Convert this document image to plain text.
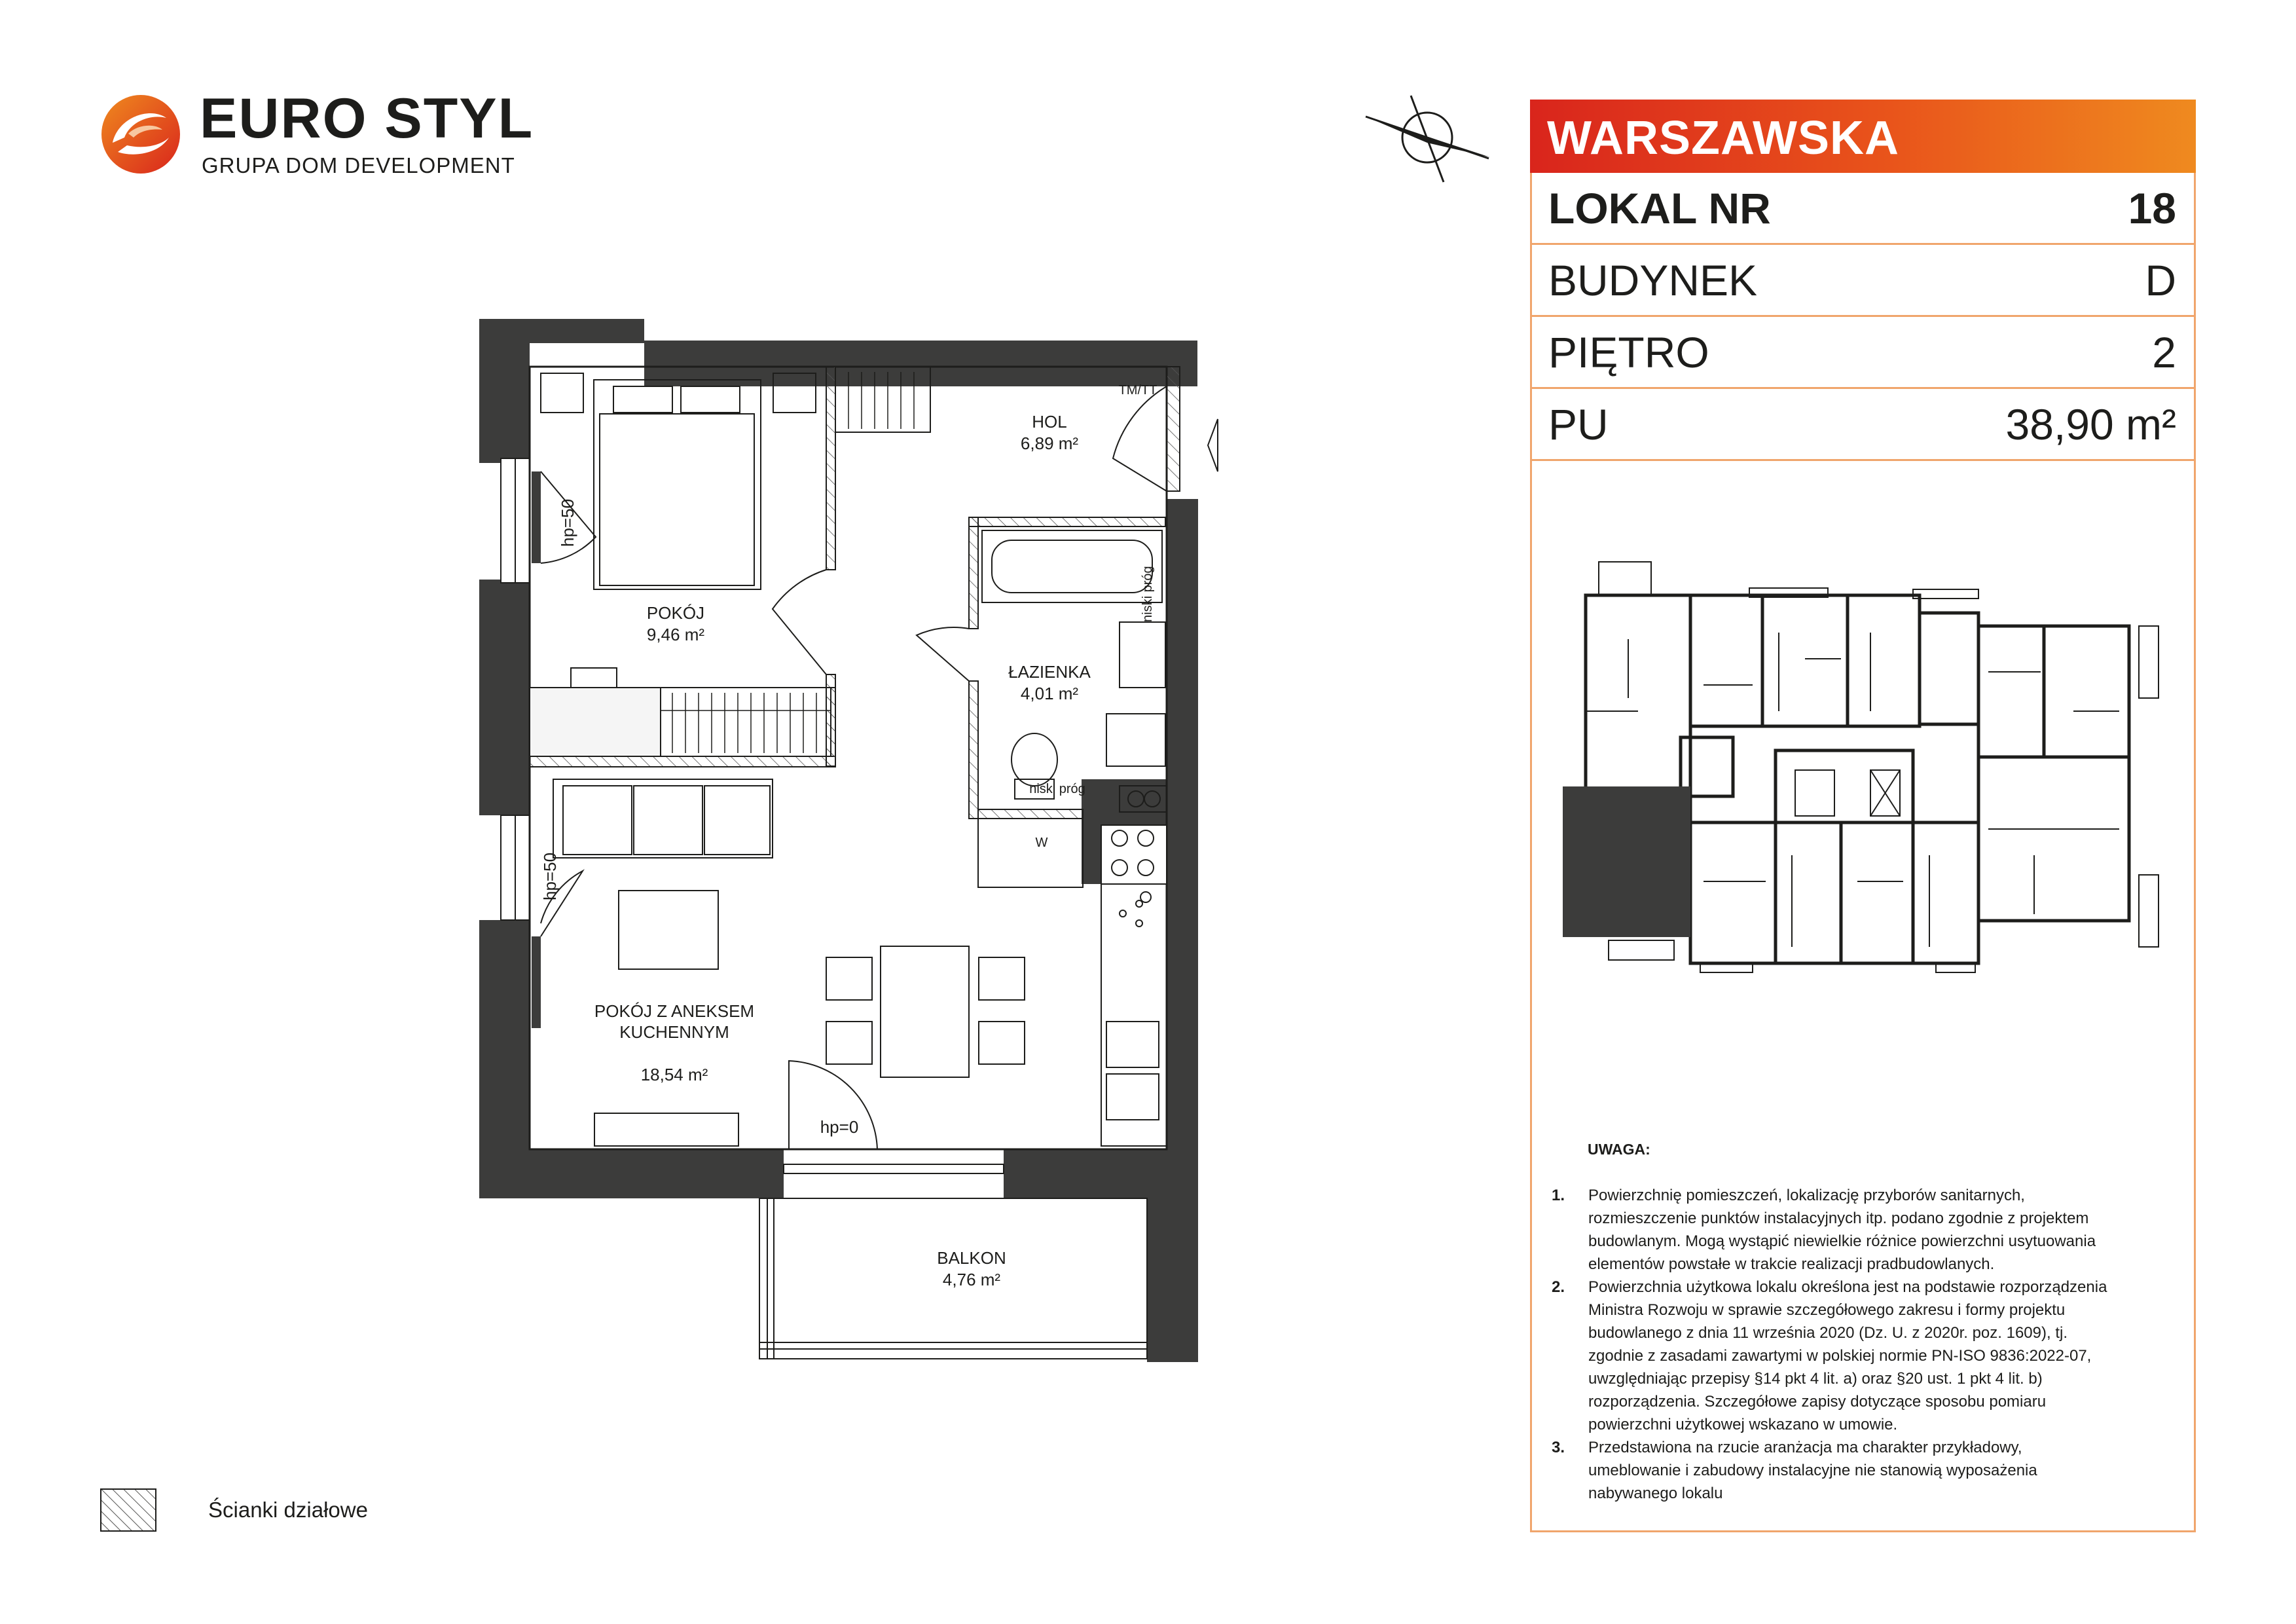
EURO STYL
GRUPA DOM DEVELOPMENT
WARSZAWSKA
LOKAL NR	18
BUDYNEK	D
PIĘTRO	2
PU	38,90 m²
UWAGA:
1.	Powierzchnię pomieszczeń, lokalizację przyborów sanitarnych,
rozmieszczenie punktów instalacyjnych itp. podano zgodnie z projektem
budowlanym. Mogą wystąpić niewielkie różnice powierzchni usytuowania
elementów powstałe w trakcie realizacji pradbudowlanych.
2.	Powierzchnia użytkowa lokalu określona jest na podstawie rozporządzenia
Ministra Rozwoju w sprawie szczegółowego zakresu i formy projektu
budowlanego z dnia 11 września 2020 (Dz. U. z 2020r. poz. 1609), tj.
zgodnie z zasadami zawartymi w polskiej normie PN-ISO 9836:2022-07,
uwzględniając przepisy §14 pkt 4 lit. a) oraz §20 ust. 1 pkt 4 lit. b)
rozporządzenia. Szczegółowe zapisy dotyczące sposobu pomiaru
powierzchni użytkowej wskazano w umowie.
3.	Przedstawiona na rzucie aranżacja ma charakter przykładowy,
umeblowanie i zabudowy instalacyjne nie stanowią wyposażenia
nabywanego lokalu
Ścianki działowe
HOL
6,89 m²
POKÓJ
9,46 m²
ŁAZIENKA
4,01 m²

POKÓJ Z ANEKSEM
KUCHENNYM

18,54 m²

BALKON
4,76 m²
TM/TT
hp=0
niski próg
W
hp=50
hp=50
niski próg
